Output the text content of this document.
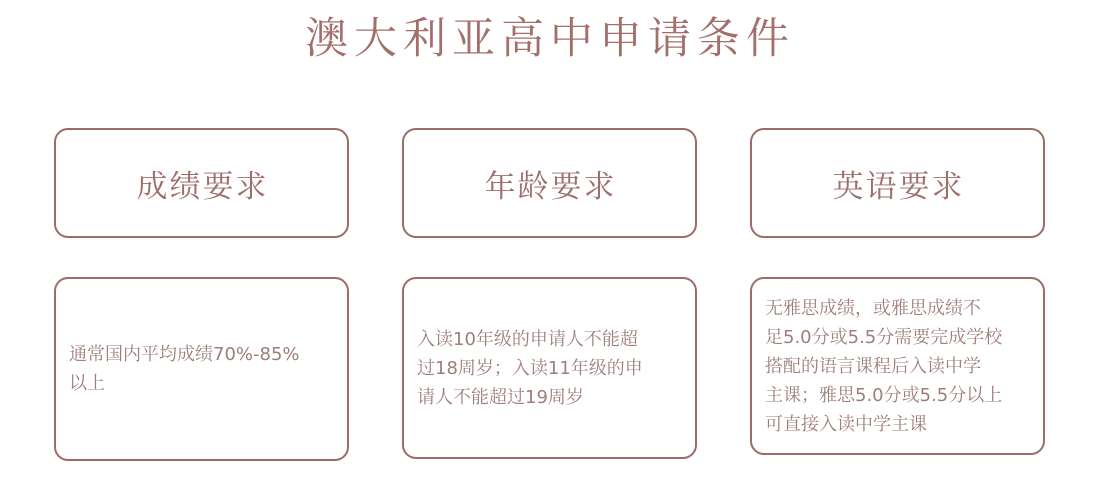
澳大利亚高中申请条件
成绩要求

通常国内平均成绩70%-85%

以上

年龄要求

入读10年级的申请人不能超

过18周岁；入读11年级的申

请人不能超过19周岁

英语要求

无雅思成绩，或雅思成绩不

足5.0分或5.5分需要完成学校

搭配的语言课程后入读中学

主课；雅思5.0分或5.5分以上

可直接入读中学主课
